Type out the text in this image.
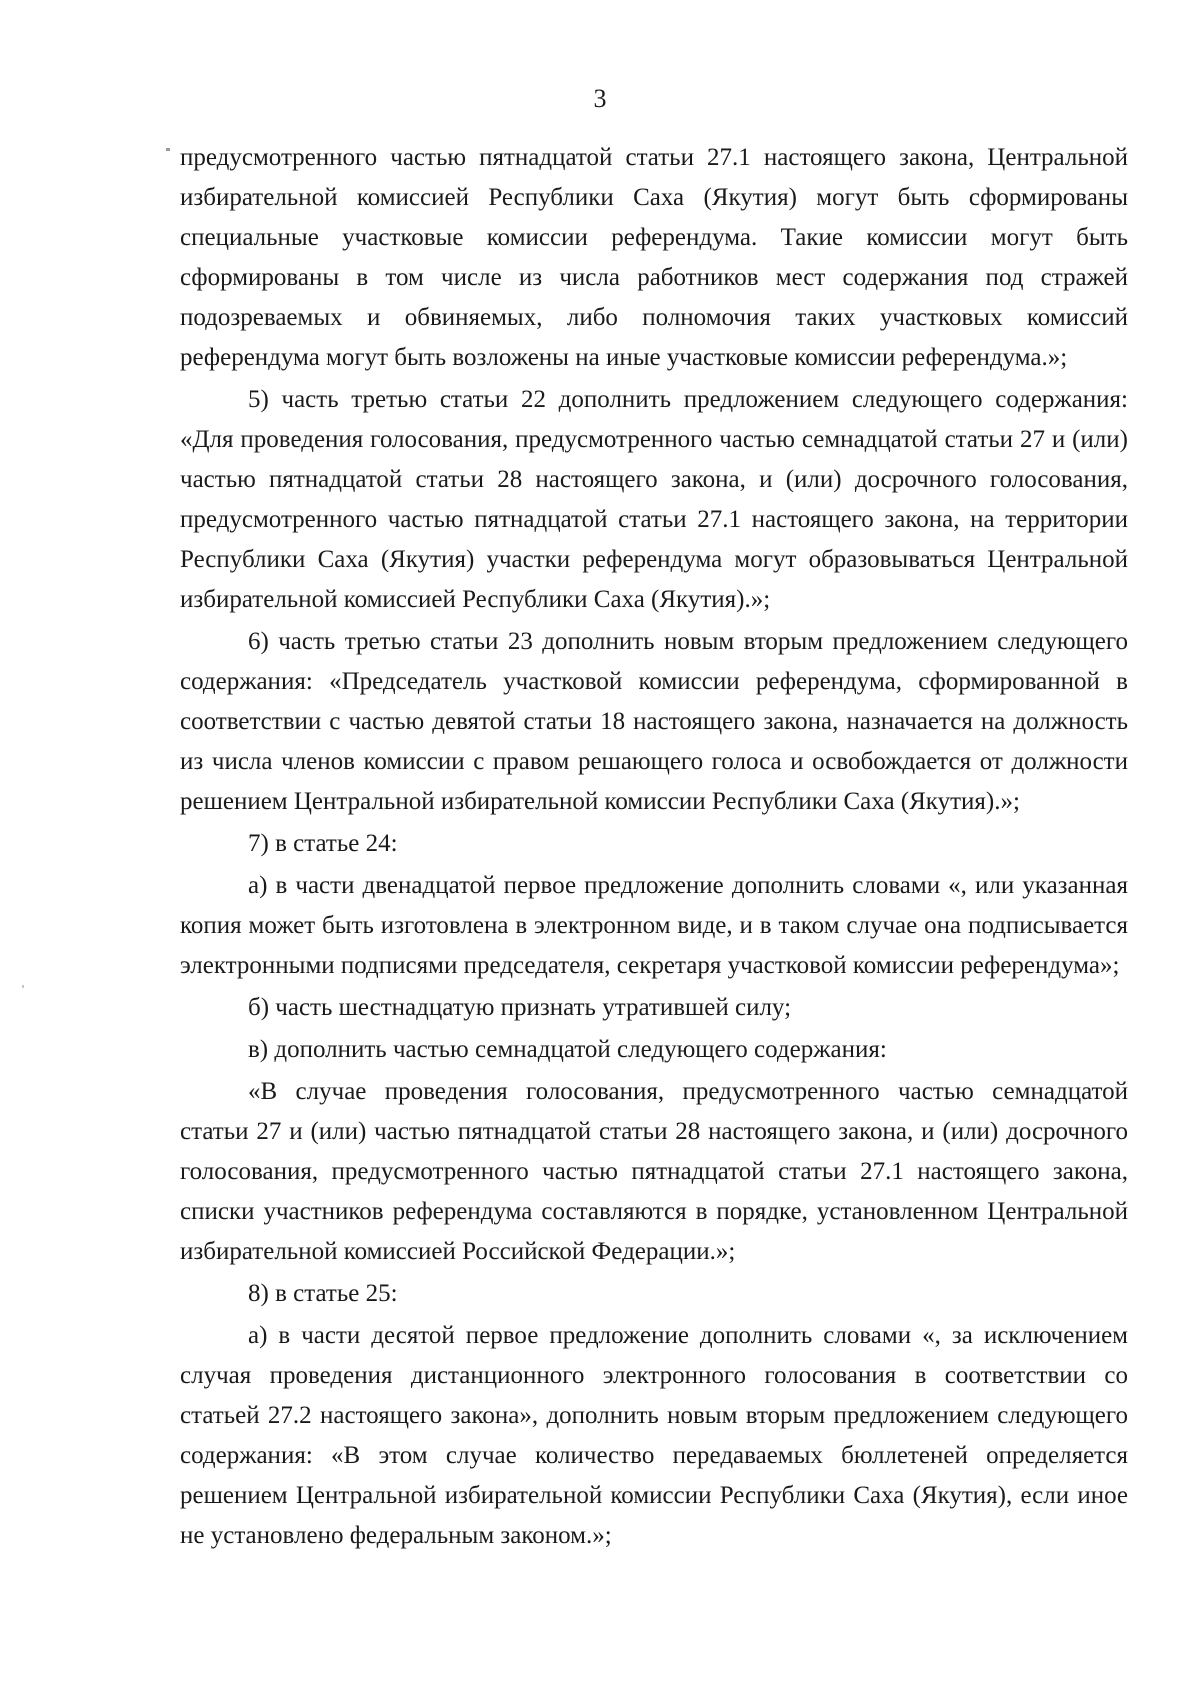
3

предусмотренного частью пятнадцатой статьи 27.1 настоящего закона, Центральной избирательной комиссией Республики Саха (Якутия) могут быть сформированы специальные участковые комиссии референдума. Такие комиссии могут быть сформированы в том числе из числа работников мест содержания под стражей подозреваемых и обвиняемых, либо полномочия таких участковых комиссий референдума могут быть возложены на иные участковые комиссии референдума.»;

5) часть третью статьи 22 дополнить предложением следующего содержания: «Для проведения голосования, предусмотренного частью семнадцатой статьи 27 и (или) частью пятнадцатой статьи 28 настоящего закона, и (или) досрочного голосования, предусмотренного частью пятнадцатой статьи 27.1 настоящего закона, на территории Республики Саха (Якутия) участки референдума могут образовываться Центральной избирательной комиссией Республики Саха (Якутия).»;

6) часть третью статьи 23 дополнить новым вторым предложением следующего содержания: «Председатель участковой комиссии референдума, сформированной в соответствии с частью девятой статьи 18 настоящего закона, назначается на должность из числа членов комиссии с правом решающего голоса и освобождается от должности решением Центральной избирательной комиссии Республики Саха (Якутия).»;

7) в статье 24:

а) в части двенадцатой первое предложение дополнить словами «, или указанная копия может быть изготовлена в электронном виде, и в таком случае она подписывается электронными подписями председателя, секретаря участковой комиссии референдума»;

б) часть шестнадцатую признать утратившей силу;

в) дополнить частью семнадцатой следующего содержания:

«В случае проведения голосования, предусмотренного частью семнадцатой статьи 27 и (или) частью пятнадцатой статьи 28 настоящего закона, и (или) досрочного голосования, предусмотренного частью пятнадцатой статьи 27.1 настоящего закона, списки участников референдума составляются в порядке, установленном Центральной избирательной комиссией Российской Федерации.»;

8) в статье 25:

а) в части десятой первое предложение дополнить словами «, за исключением случая проведения дистанционного электронного голосования в соответствии со статьей 27.2 настоящего закона», дополнить новым вторым предложением следующего содержания: «В этом случае количество передаваемых бюллетеней определяется решением Центральной избирательной комиссии Республики Саха (Якутия), если иное не установлено федеральным законом.»;
